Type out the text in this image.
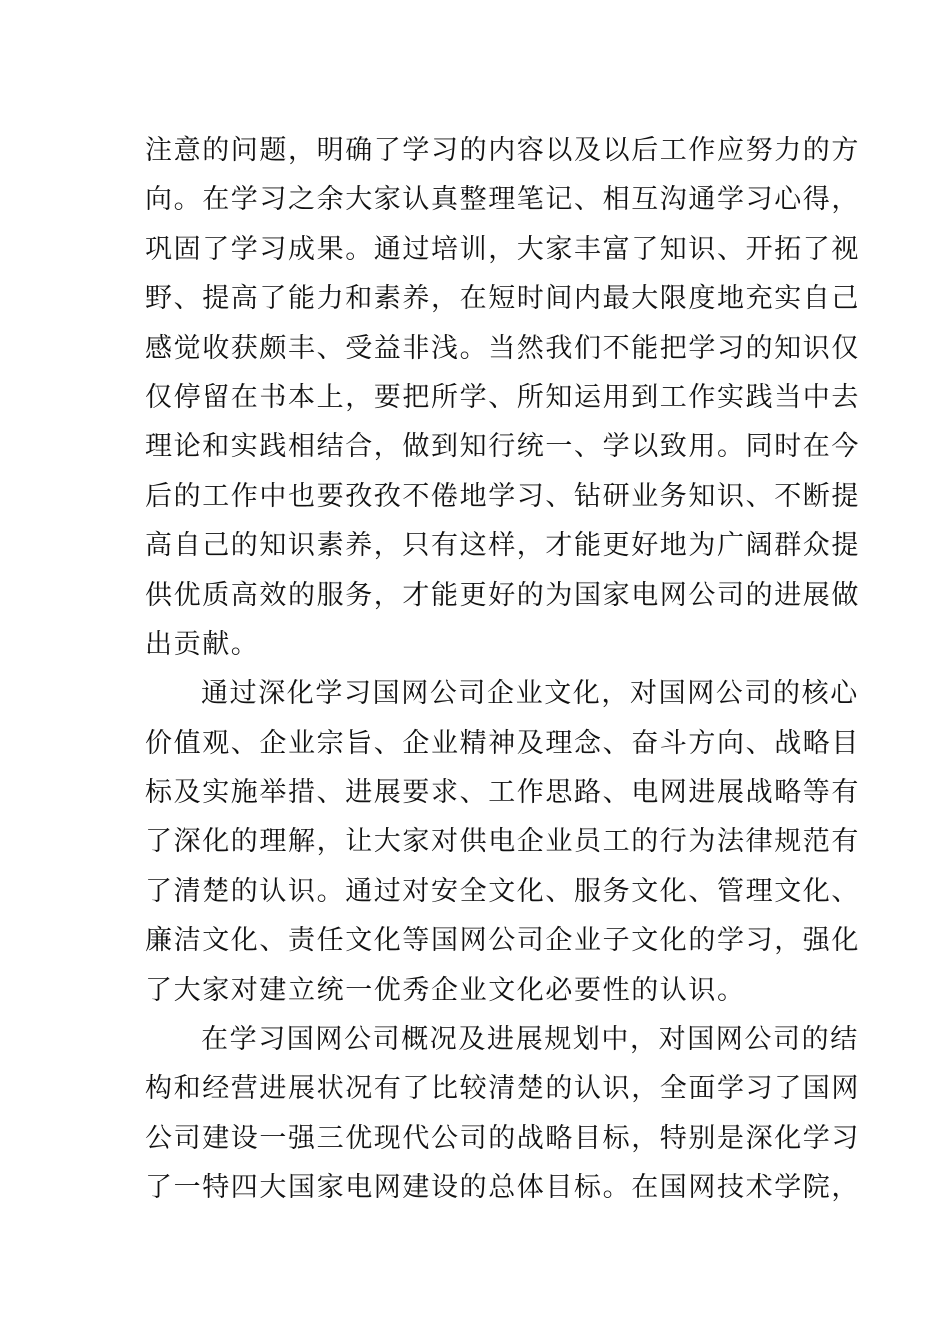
注意的问题，明确了学习的内容以及以后工作应努力的方
向。在学习之余大家认真整理笔记、相互沟通学习心得，
巩固了学习成果。通过培训，大家丰富了知识、开拓了视
野、提高了能力和素养，在短时间内最大限度地充实自己
感觉收获颇丰、受益非浅。当然我们不能把学习的知识仅
仅停留在书本上，要把所学、所知运用到工作实践当中去
理论和实践相结合，做到知行统一、学以致用。同时在今
后的工作中也要孜孜不倦地学习、钻研业务知识、不断提
高自己的知识素养，只有这样，才能更好地为广阔群众提
供优质高效的服务，才能更好的为国家电网公司的进展做
出贡献。
通过深化学习国网公司企业文化，对国网公司的核心
价值观、企业宗旨、企业精神及理念、奋斗方向、战略目
标及实施举措、进展要求、工作思路、电网进展战略等有
了深化的理解，让大家对供电企业员工的行为法律规范有
了清楚的认识。通过对安全文化、服务文化、管理文化、
廉洁文化、责任文化等国网公司企业子文化的学习，强化
了大家对建立统一优秀企业文化必要性的认识。
在学习国网公司概况及进展规划中，对国网公司的结
构和经营进展状况有了比较清楚的认识，全面学习了国网
公司建设一强三优现代公司的战略目标，特别是深化学习
了一特四大国家电网建设的总体目标。在国网技术学院，
